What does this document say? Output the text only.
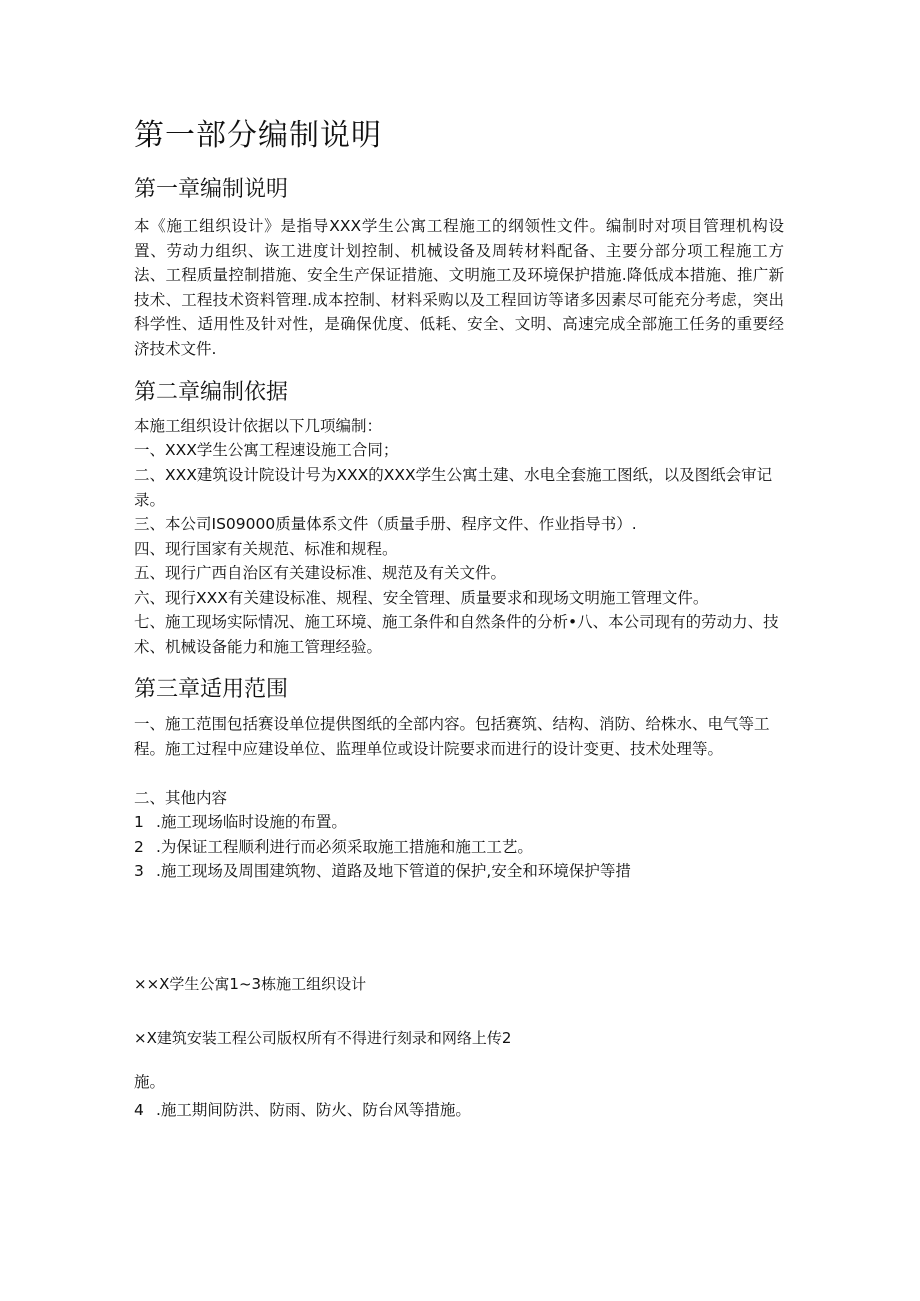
第一部分编制说明
第一章编制说明

本《施工组织设计》是指导XXX学生公寓工程施工的纲领性文件。编制时对项目管理机构设置、劳动力组织、诙工进度计划控制、机械设备及周转材料配备、主要分部分项工程施工方法、工程质量控制措施、安全生产保证措施、文明施工及环境保护措施.降低成本措施、推广新技术、工程技术资料管理.成本控制、材料采购以及工程回访等诸多因素尽可能充分考虑，突出科学性、适用性及针对性，是确保优度、低耗、安全、文明、高速完成全部施工任务的重要经济技术文件.

第二章编制依据

本施工组织设计依据以下几项编制：

一、XXX学生公寓工程速设施工合同；

二、XXX建筑设计院设计号为XXX的XXX学生公寓土建、水电全套施工图纸，以及图纸会审记录。

三、本公司IS09000质量体系文件（质量手册、程序文件、作业指导书）.

四、现行国家有关规范、标准和规程。

五、现行广西自治区有关建设标准、规范及有关文件。

六、现行XXX有关建设标准、规程、安全管理、质量要求和现场文明施工管理文件。

七、施工现场实际情况、施工环境、施工条件和自然条件的分析•八、本公司现有的劳动力、技术、机械设备能力和施工管理经验。

第三章适用范围

一、施工范围包括赛设单位提供图纸的全部内容。包括赛筑、结构、消防、给株水、电气等工程。施工过程中应建设单位、监理单位或设计院要求而进行的设计变更、技术处理等。

二、其他内容

1 .施工现场临时设施的布置。

2 .为保证工程顺利进行而必须采取施工措施和施工工艺。

3 .施工现场及周围建筑物、道路及地下管道的保护,安全和环境保护等措

××X学生公寓1~3栋施工组织设计
×X建筑安装工程公司版权所有不得进行刻录和网络上传2

施。

4 .施工期间防洪、防雨、防火、防台风等措施。
